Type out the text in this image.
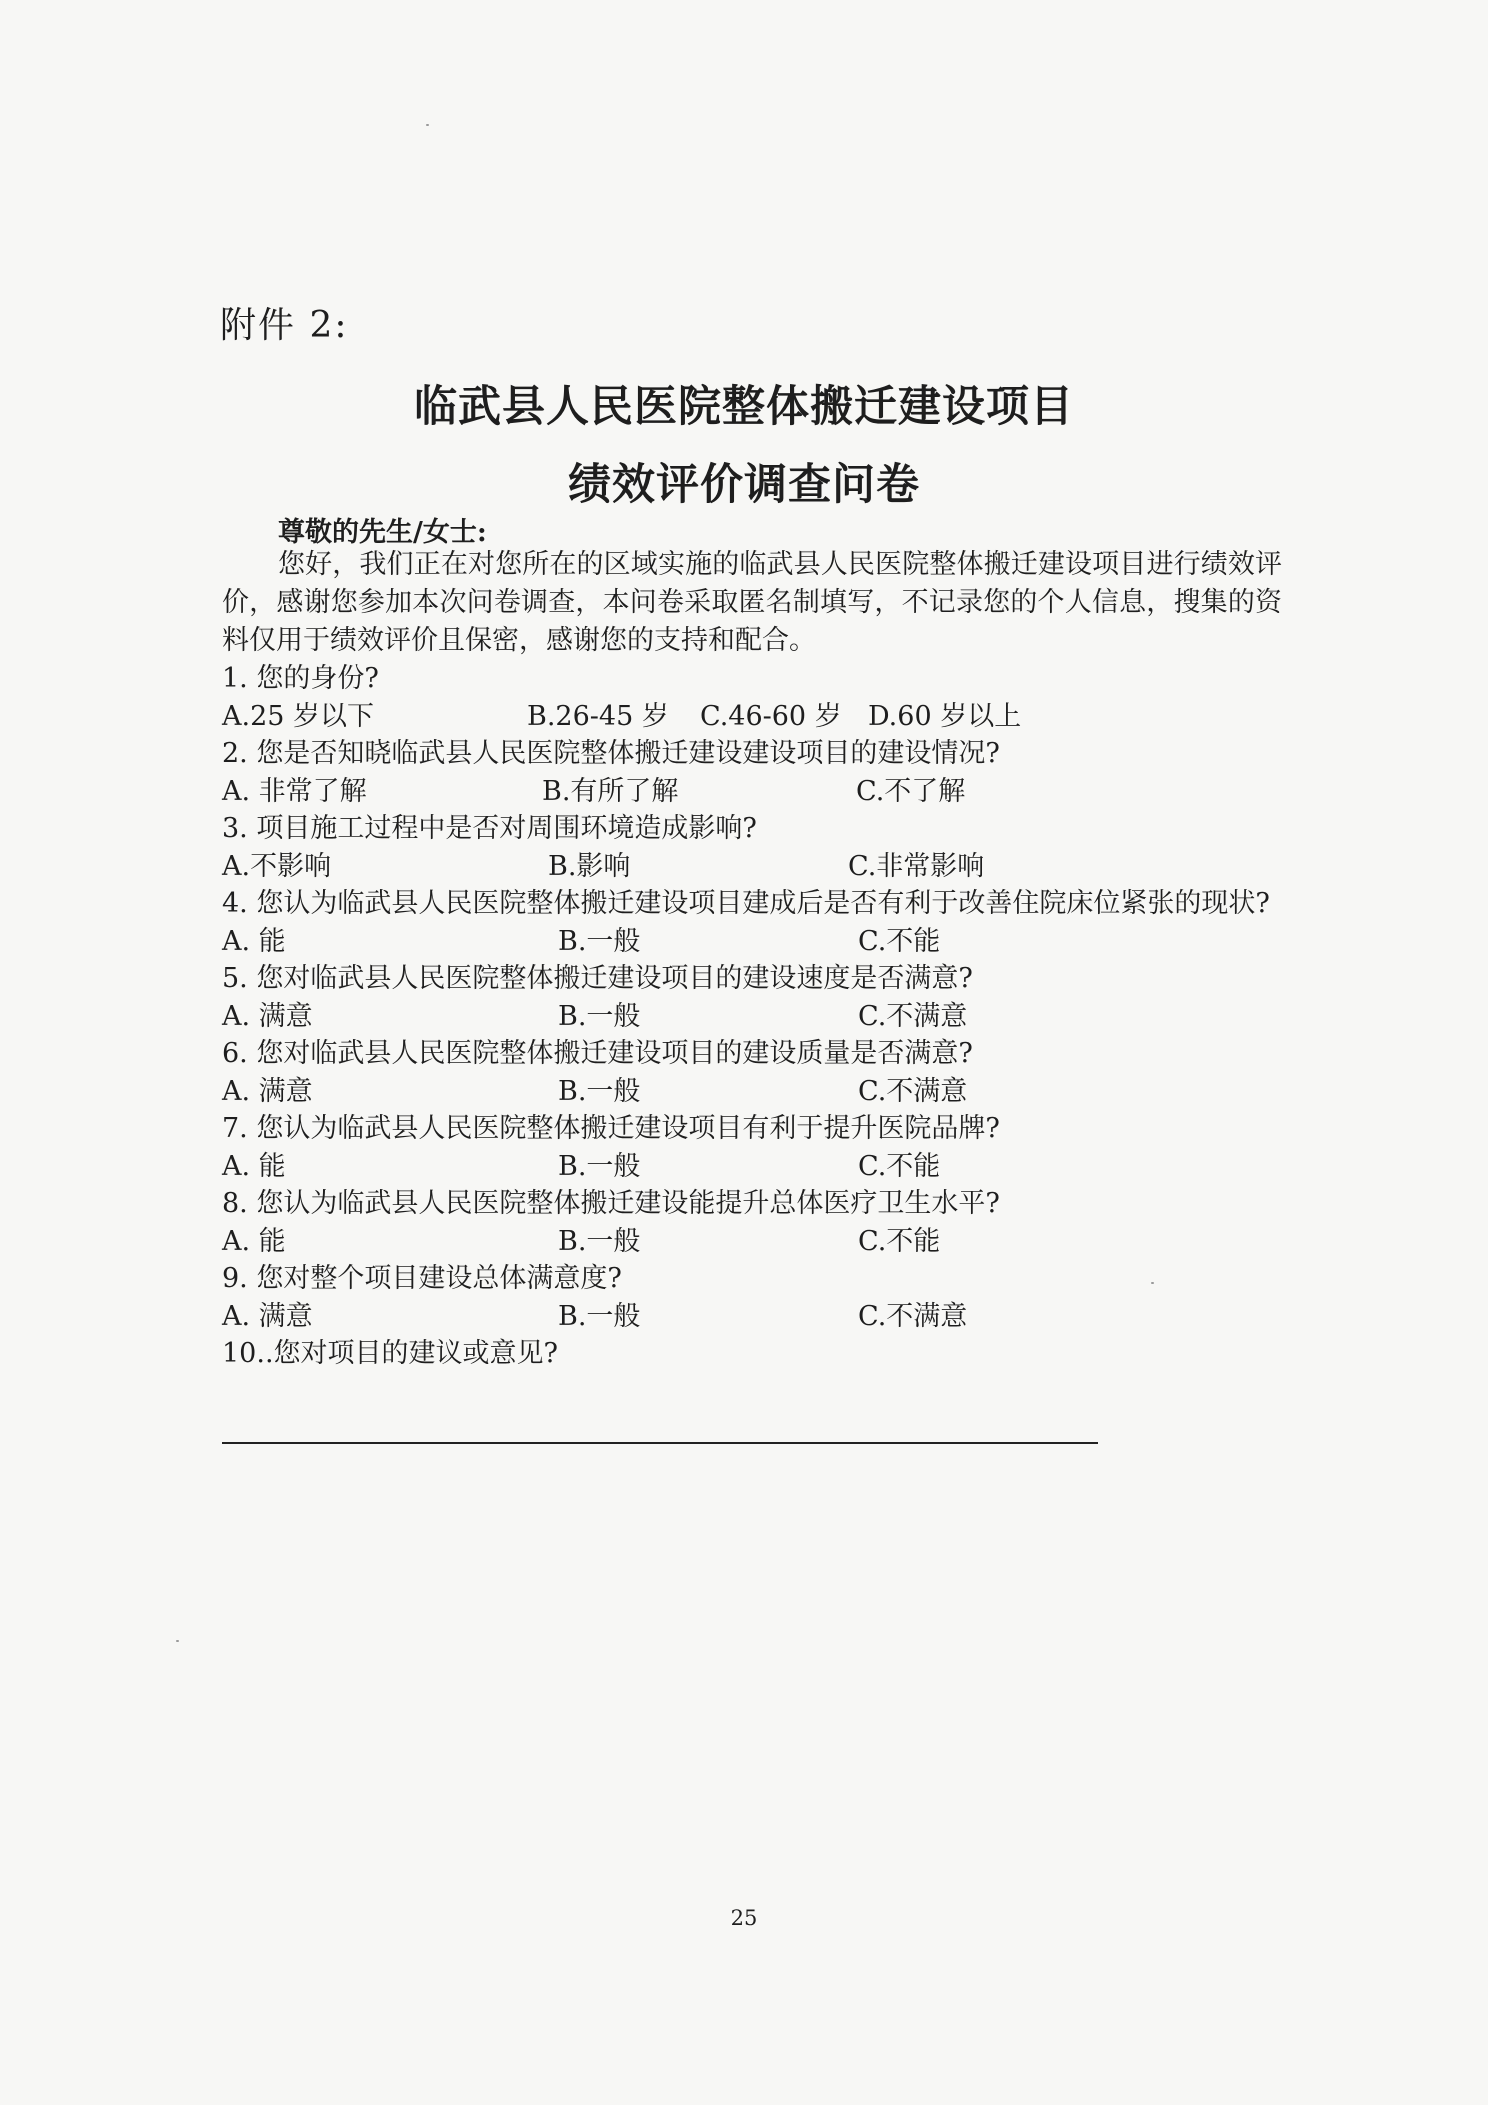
附件 2:
临武县人民医院整体搬迁建设项目
绩效评价调查问卷
尊敬的先生/女士:

您好，我们正在对您所在的区域实施的临武县人民医院整体搬迁建设项目进行绩效评价，感谢您参加本次问卷调查，本问卷采取匿名制填写，不记录您的个人信息，搜集的资料仅用于绩效评价且保密，感谢您的支持和配合。

1. 您的身份?

A.25 岁以下	B.26-45 岁 C.46-60 岁 D.60 岁以上

2. 您是否知晓临武县人民医院整体搬迁建设建设项目的建设情况?

A. 非常了解	B.有所了解	C.不了解

3. 项目施工过程中是否对周围环境造成影响?

A.不影响	B.影响	C.非常影响

4. 您认为临武县人民医院整体搬迁建设项目建成后是否有利于改善住院床位紧张的现状?

A. 能	B.一般	C.不能

5. 您对临武县人民医院整体搬迁建设项目的建设速度是否满意?

A. 满意	B.一般	C.不满意

6. 您对临武县人民医院整体搬迁建设项目的建设质量是否满意?

A. 满意	B.一般	C.不满意

7. 您认为临武县人民医院整体搬迁建设项目有利于提升医院品牌?

A. 能	B.一般	C.不能

8. 您认为临武县人民医院整体搬迁建设能提升总体医疗卫生水平?

A. 能	B.一般	C.不能

9. 您对整个项目建设总体满意度?

A. 满意	B.一般	C.不满意

10..您对项目的建议或意见?

25
